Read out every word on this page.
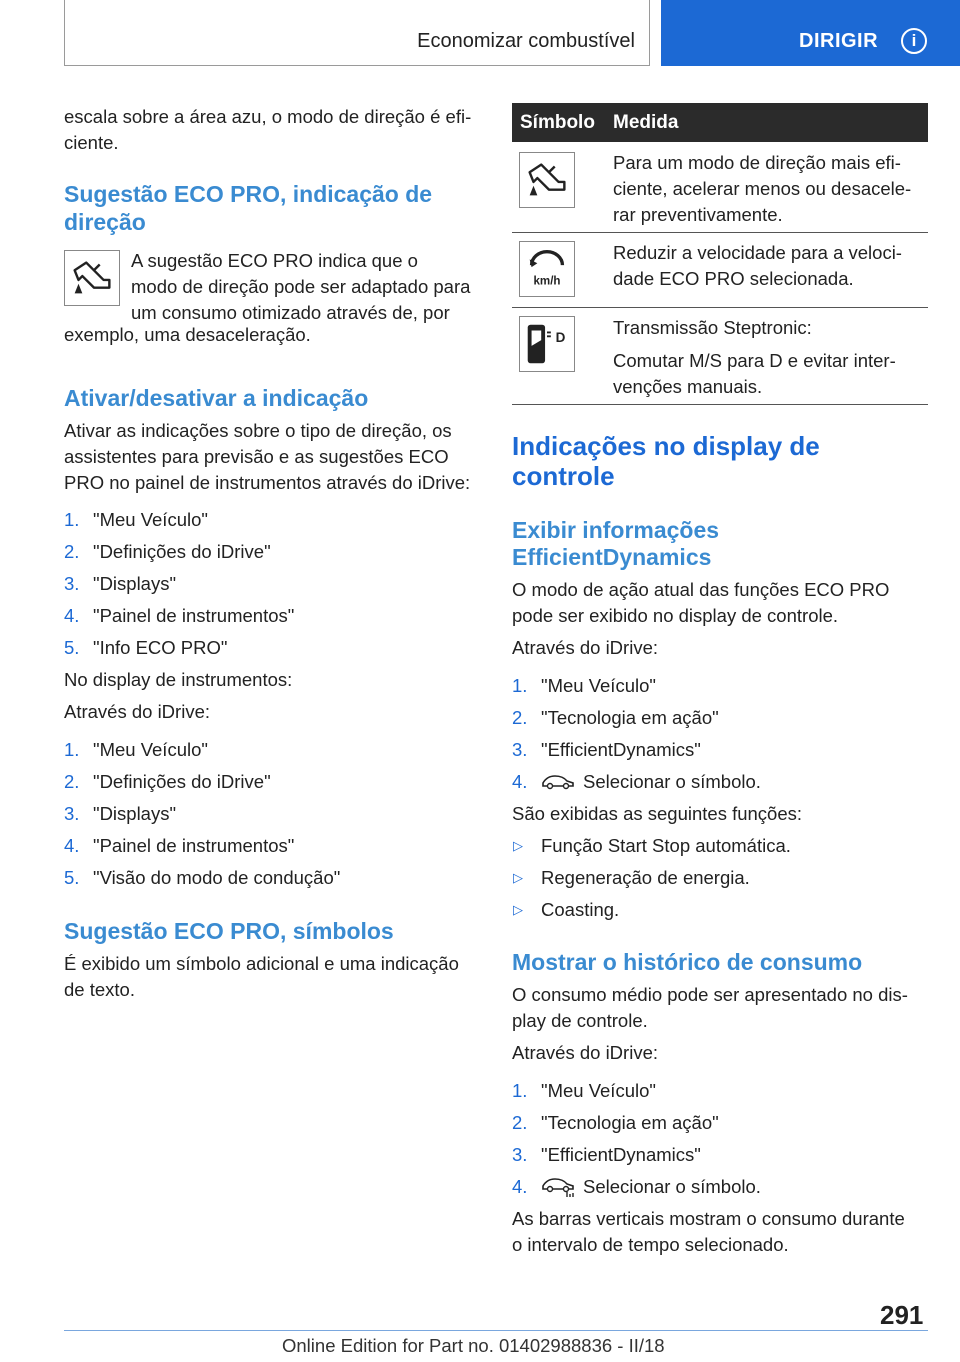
Economizar combustível	DIRIGIR	i
escala sobre a área azu, o modo de direção é efi-
ciente.
Sugestão ECO PRO, indicação de
direção
A sugestão ECO PRO indica que o
modo de direção pode ser adaptado para
um consumo otimizado através de, por
exemplo, uma desaceleração.
Ativar/desativar a indicação
Ativar as indicações sobre o tipo de direção, os
assistentes para previsão e as sugestões ECO
PRO no painel de instrumentos através do iDrive:
1. "Meu Veículo"
2. "Definições do iDrive"
3. "Displays"
4. "Painel de instrumentos"
5. "Info ECO PRO"
No display de instrumentos:
Através do iDrive:
1. "Meu Veículo"
2. "Definições do iDrive"
3. "Displays"
4. "Painel de instrumentos"
5. "Visão do modo de condução"
Sugestão ECO PRO, símbolos
É exibido um símbolo adicional e uma indicação
de texto.
Símbolo Medida
Para um modo de direção mais efi-
ciente, acelerar menos ou desacele-
rar preventivamente.
km/h
Reduzir a velocidade para a veloci-
dade ECO PRO selecionada.
D	Transmissão Steptronic:
Comutar M/S para D e evitar inter-
venções manuais.
Indicações no display de
controle
Exibir informações
EfficientDynamics
O modo de ação atual das funções ECO PRO
pode ser exibido no display de controle.
Através do iDrive:
1. "Meu Veículo"
2. "Tecnologia em ação"
3. "EfficientDynamics"
4.	Selecionar o símbolo.
São exibidas as seguintes funções:
▷ Função Start Stop automática.
▷ Regeneração de energia.
▷ Coasting.
Mostrar o histórico de consumo
O consumo médio pode ser apresentado no dis-
play de controle.
Através do iDrive:
1. "Meu Veículo"
2. "Tecnologia em ação"
3. "EfficientDynamics"
4.	Selecionar o símbolo.
As barras verticais mostram o consumo durante
o intervalo de tempo selecionado.
291
Online Edition for Part no. 01402988836 - II/18
